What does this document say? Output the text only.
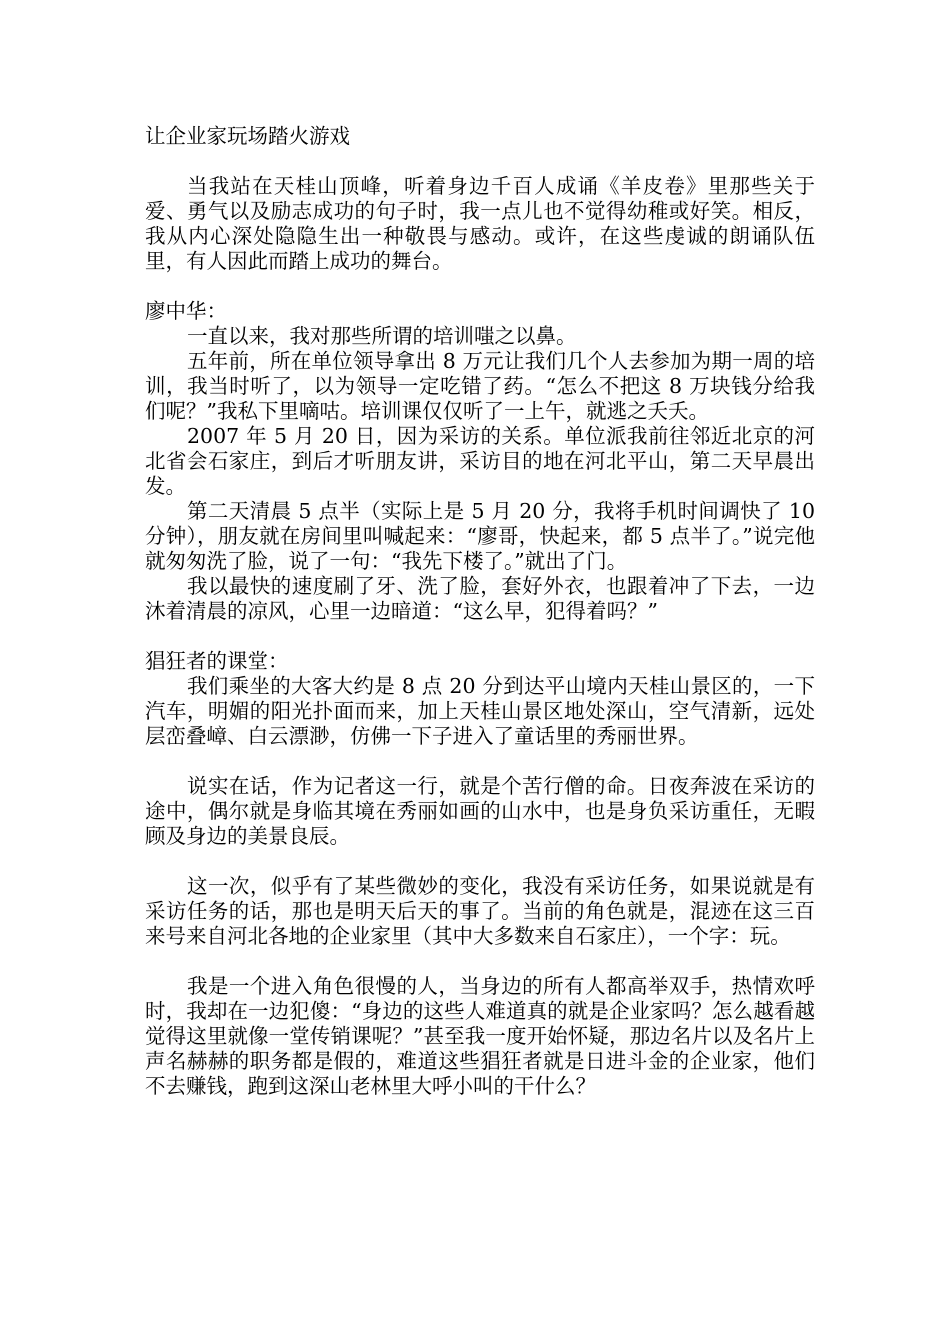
让企业家玩场踏火游戏

当我站在天桂山顶峰，听着身边千百人成诵《羊皮卷》里那些关于爱、勇气以及励志成功的句子时，我一点儿也不觉得幼稚或好笑。相反，我从内心深处隐隐生出一种敬畏与感动。或许，在这些虔诚的朗诵队伍里，有人因此而踏上成功的舞台。

廖中华：

一直以来，我对那些所谓的培训嗤之以鼻。

五年前，所在单位领导拿出 8 万元让我们几个人去参加为期一周的培训，我当时听了，以为领导一定吃错了药。“怎么不把这 8 万块钱分给我们呢？”我私下里嘀咕。培训课仅仅听了一上午，就逃之夭夭。

2007 年 5 月 20 日，因为采访的关系。单位派我前往邻近北京的河北省会石家庄，到后才听朋友讲，采访目的地在河北平山，第二天早晨出发。

第二天清晨 5 点半（实际上是 5 月 20 分，我将手机时间调快了 10 分钟），朋友就在房间里叫喊起来：“廖哥，快起来，都 5 点半了。”说完他就匆匆洗了脸，说了一句：“我先下楼了。”就出了门。

我以最快的速度刷了牙、洗了脸，套好外衣，也跟着冲了下去，一边沐着清晨的凉风，心里一边暗道：“这么早，犯得着吗？”

猖狂者的课堂：

我们乘坐的大客大约是 8 点 20 分到达平山境内天桂山景区的，一下汽车，明媚的阳光扑面而来，加上天桂山景区地处深山，空气清新，远处层峦叠嶂、白云漂渺，仿佛一下子进入了童话里的秀丽世界。

说实在话，作为记者这一行，就是个苦行僧的命。日夜奔波在采访的途中，偶尔就是身临其境在秀丽如画的山水中，也是身负采访重任，无暇顾及身边的美景良辰。

这一次，似乎有了某些微妙的变化，我没有采访任务，如果说就是有采访任务的话，那也是明天后天的事了。当前的角色就是，混迹在这三百来号来自河北各地的企业家里（其中大多数来自石家庄），一个字：玩。

我是一个进入角色很慢的人，当身边的所有人都高举双手，热情欢呼时，我却在一边犯傻：“身边的这些人难道真的就是企业家吗？怎么越看越觉得这里就像一堂传销课呢？”甚至我一度开始怀疑，那边名片以及名片上声名赫赫的职务都是假的，难道这些猖狂者就是日进斗金的企业家，他们不去赚钱，跑到这深山老林里大呼小叫的干什么？
